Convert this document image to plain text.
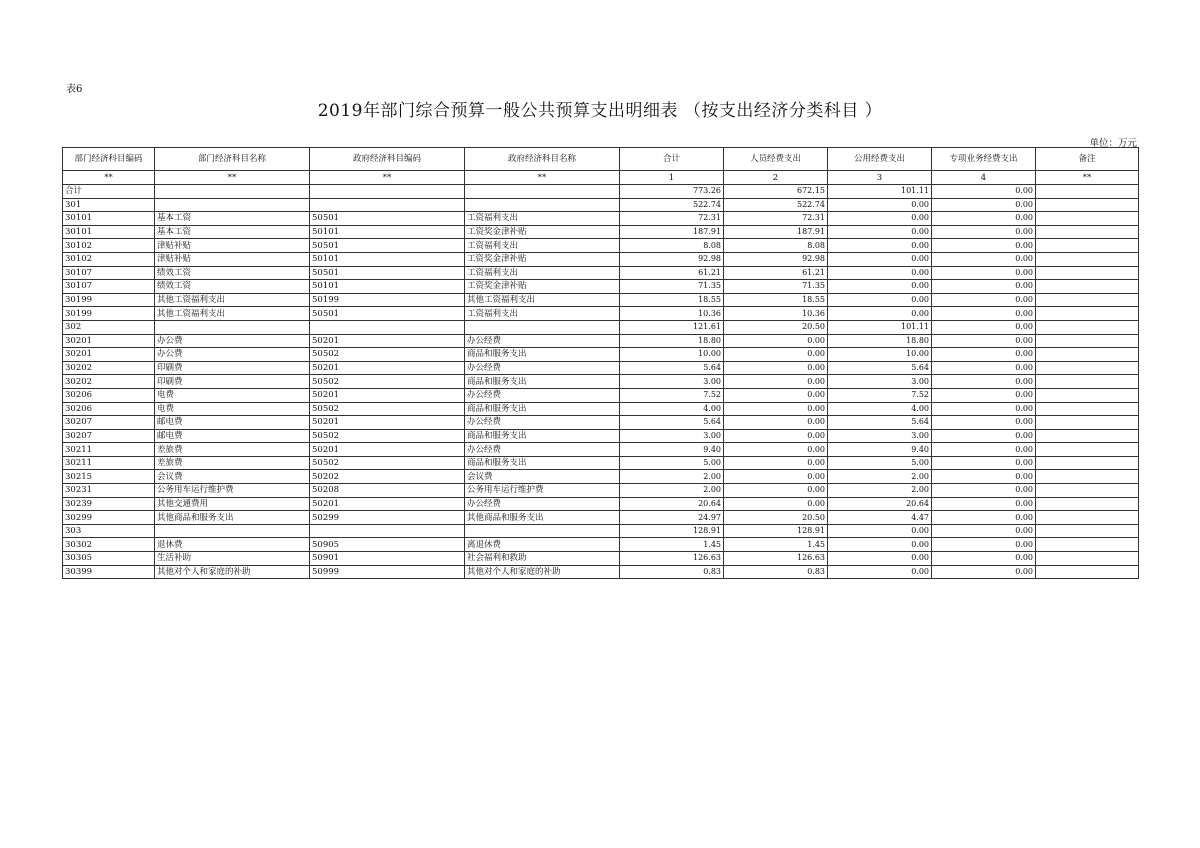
表6
2019年部门综合预算一般公共预算支出明细表 （按支出经济分类科目 ）
单位：万元
部门经济科目编码	部门经济科目名称	政府经济科目编码	政府经济科目名称	合计	人员经费支出	公用经费支出	专项业务经费支出	备注
**	**	**	**	1	2	3	4	**
合计				773.26	672.15	101.11	0.00	
301				522.74	522.74	0.00	0.00	
30101	基本工资	50501	工资福利支出	72.31	72.31	0.00	0.00	
30101	基本工资	50101	工资奖金津补贴	187.91	187.91	0.00	0.00	
30102	津贴补贴	50501	工资福利支出	8.08	8.08	0.00	0.00	
30102	津贴补贴	50101	工资奖金津补贴	92.98	92.98	0.00	0.00	
30107	绩效工资	50501	工资福利支出	61.21	61.21	0.00	0.00	
30107	绩效工资	50101	工资奖金津补贴	71.35	71.35	0.00	0.00	
30199	其他工资福利支出	50199	其他工资福利支出	18.55	18.55	0.00	0.00	
30199	其他工资福利支出	50501	工资福利支出	10.36	10.36	0.00	0.00	
302				121.61	20.50	101.11	0.00	
30201	办公费	50201	办公经费	18.80	0.00	18.80	0.00	
30201	办公费	50502	商品和服务支出	10.00	0.00	10.00	0.00	
30202	印刷费	50201	办公经费	5.64	0.00	5.64	0.00	
30202	印刷费	50502	商品和服务支出	3.00	0.00	3.00	0.00	
30206	电费	50201	办公经费	7.52	0.00	7.52	0.00	
30206	电费	50502	商品和服务支出	4.00	0.00	4.00	0.00	
30207	邮电费	50201	办公经费	5.64	0.00	5.64	0.00	
30207	邮电费	50502	商品和服务支出	3.00	0.00	3.00	0.00	
30211	差旅费	50201	办公经费	9.40	0.00	9.40	0.00	
30211	差旅费	50502	商品和服务支出	5.00	0.00	5.00	0.00	
30215	会议费	50202	会议费	2.00	0.00	2.00	0.00	
30231	公务用车运行维护费	50208	公务用车运行维护费	2.00	0.00	2.00	0.00	
30239	其他交通费用	50201	办公经费	20.64	0.00	20.64	0.00	
30299	其他商品和服务支出	50299	其他商品和服务支出	24.97	20.50	4.47	0.00	
303				128.91	128.91	0.00	0.00	
30302	退休费	50905	离退休费	1.45	1.45	0.00	0.00	
30305	生活补助	50901	社会福利和救助	126.63	126.63	0.00	0.00	
30399	其他对个人和家庭的补助	50999	其他对个人和家庭的补助	0.83	0.83	0.00	0.00	
